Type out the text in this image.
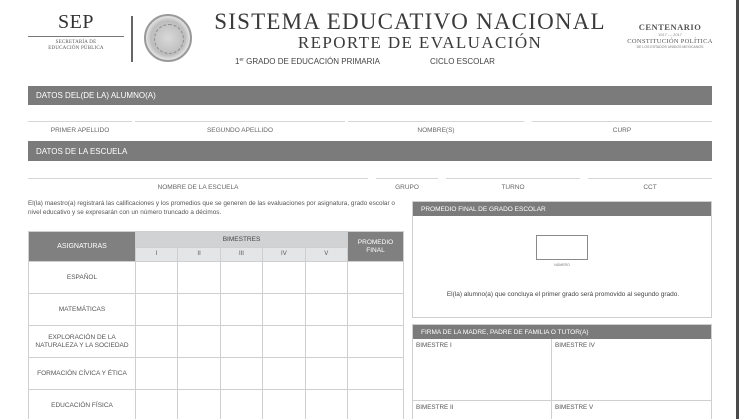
SEP
SECRETARÍA DE
EDUCACIÓN PÚBLICA
SISTEMA EDUCATIVO NACIONAL
REPORTE DE EVALUACIÓN
1er GRADO DE EDUCACIÓN PRIMARIA	CICLO ESCOLAR
CENTENARIO
1917 — 2017
CONSTITUCIÓN POLÍTICA
DE LOS ESTADOS UNIDOS MEXICANOS
DATOS DEL(DE LA) ALUMNO(A)
PRIMER APELLIDO	SEGUNDO APELLIDO	NOMBRE(S)	CURP
DATOS DE LA ESCUELA
NOMBRE DE LA ESCUELA	GRUPO	TURNO	CCT
El(la) maestro(a) registrará las calificaciones y los promedios que se generen de las evaluaciones por asignatura, grado escolar o nivel educativo y se expresarán con un número truncado a décimos.
ASIGNATURAS	BIMESTRES					PROMEDIO
FINAL
	I	II	III	IV	V	
ESPAÑOL						
MATEMÁTICAS						
EXPLORACIÓN DE LA NATURALEZA Y LA SOCIEDAD						
FORMACIÓN CÍVICA Y ÉTICA						
EDUCACIÓN FÍSICA						
PROMEDIO FINAL DE GRADO ESCOLAR
NÚMERO
El(la) alumno(a) que concluya el primer grado será promovido al segundo grado.
FIRMA DE LA MADRE, PADRE DE FAMILIA O TUTOR(A)
BIMESTRE I	BIMESTRE IV
BIMESTRE II	BIMESTRE V
